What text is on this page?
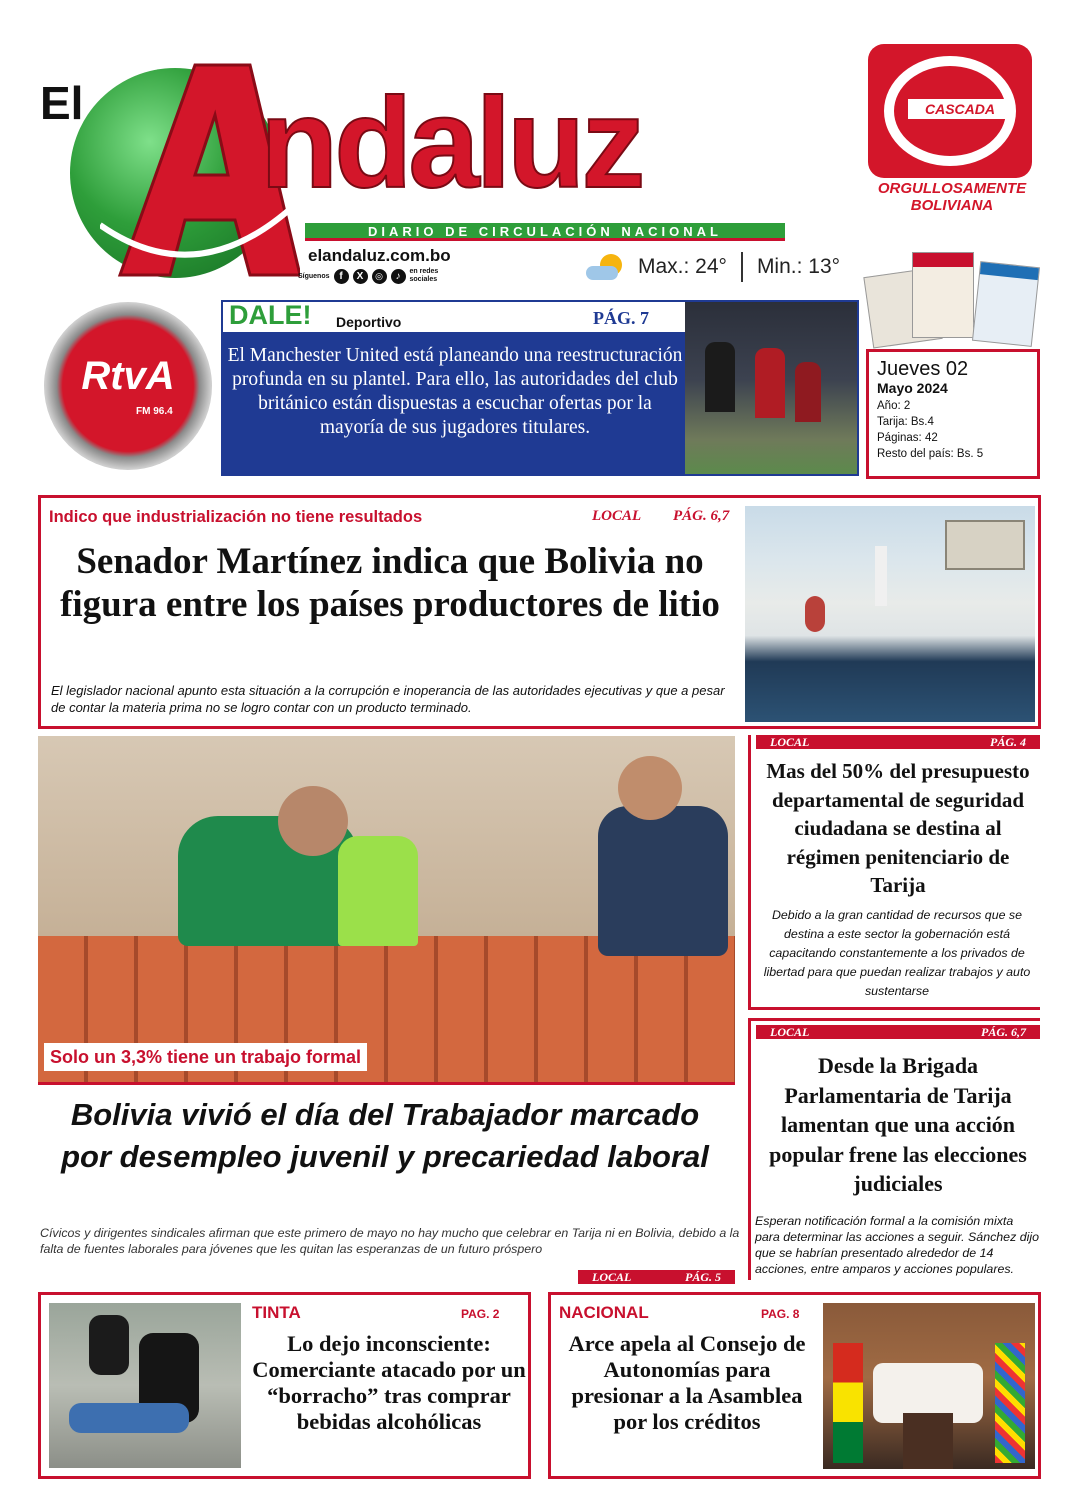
El ndaluz
DIARIO DE CIRCULACIÓN NACIONAL
elandaluz.com.bo
Síguenos f	X	◎	♪	en redes sociales
Max.: 24° Min.: 13°
CASCADA
ORGULLOSAMENTE
BOLIVIANA
RtvA
FM 96.4
DALE! Deportivo	PÁG. 7
El Manchester United está planeando una reestructuración profunda en su plantel. Para ello, las autoridades del club británico están dispuestas a escuchar ofertas por la mayoría de sus jugadores titulares.
Jueves 02
Mayo 2024
Año: 2
Tarija: Bs.4
Páginas: 42
Resto del país: Bs. 5
Indico que industrialización no tiene resultados	LOCAL PÁG. 6,7
Senador Martínez indica que Bolivia no figura entre los países productores de litio
El legislador nacional apunto esta situación a la corrupción e inoperancia de las autoridades ejecutivas y que a pesar de contar la materia prima no se logro contar con un producto terminado.
Solo un 3,3% tiene un trabajo formal
Bolivia vivió el día del Trabajador marcado por desempleo juvenil y precariedad laboral
Cívicos y dirigentes sindicales afirman que este primero de mayo no hay mucho que celebrar en Tarija ni en Bolivia, debido a la falta de fuentes laborales para jóvenes que les quitan las esperanzas de un futuro próspero
LOCAL	PÁG. 5
LOCAL	PÁG. 4
Mas del 50% del presupuesto departamental de seguridad ciudadana se destina al régimen penitenciario de Tarija
Debido a la gran cantidad de recursos que se destina a este sector la gobernación está capacitando constantemente a los privados de libertad para que puedan realizar trabajos y auto sustentarse
LOCAL	PÁG. 6,7
Desde la Brigada Parlamentaria de Tarija lamentan que una acción popular frene las elecciones judiciales
Esperan notificación formal a la comisión mixta para determinar las acciones a seguir. Sánchez dijo que se habrían presentado alrededor de 14 acciones, entre amparos y acciones populares.
TINTA	PAG. 2
Lo dejo inconsciente: Comerciante atacado por un “borracho” tras comprar bebidas alcohólicas
NACIONAL	PAG. 8
Arce apela al Consejo de Autonomías para presionar a la Asamblea por los créditos
